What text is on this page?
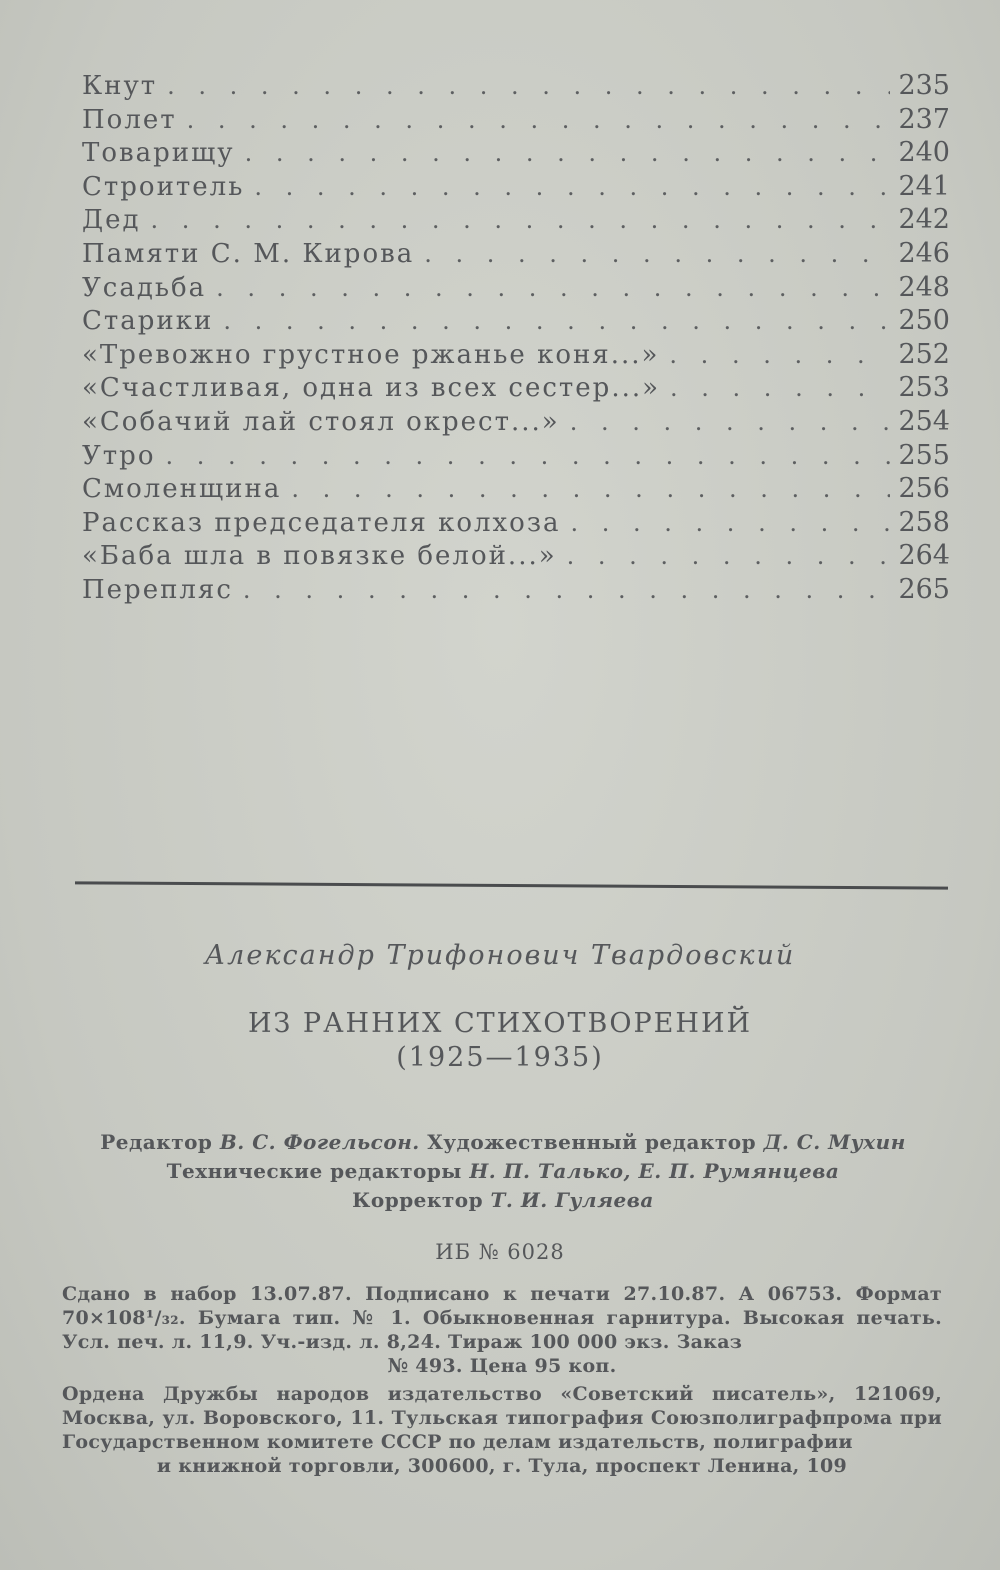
Кнут . . .	235
Полет . . .	237
Товарищу . . .	240
Строитель . . .	241
Дед . . .	242
Памяти С. М. Кирова . . .	246
Усадьба . . .	248
Старики . . .	250
«Тревожно грустное ржанье коня...» . . .	252
«Счастливая, одна из всех сестер...» . . .	253
«Собачий лай стоял окрест...» . . .	254
Утро . . .	255
Смоленщина . . .	256
Рассказ председателя колхоза . . .	258
«Баба шла в повязке белой...» . . .	264
Перепляс . . .	265
Александр Трифонович Твардовский
ИЗ РАННИХ СТИХОТВОРЕНИЙ
(1925—1935)
Редактор В. С. Фогельсон. Художественный редактор Д. С. Мухин
Технические редакторы Н. П. Талько, Е. П. Румянцева
Корректор Т. И. Гуляева
ИБ № 6028

Сдано в набор 13.07.87. Подписано к печати 27.10.87. А 06753. Формат 70×108¹/₃₂. Бумага тип. № 1. Обыкновенная гарнитура. Высокая печать. Усл. печ. л. 11,9. Уч.-изд. л. 8,24. Тираж 100 000 экз. Заказ

№ 493. Цена 95 коп.

Ордена Дружбы народов издательство «Советский писатель», 121069, Москва, ул. Воровского, 11. Тульская типография Союзполиграфпрома при Государственном комитете СССР по делам издательств, полиграфии

и книжной торговли, 300600, г. Тула, проспект Ленина, 109
